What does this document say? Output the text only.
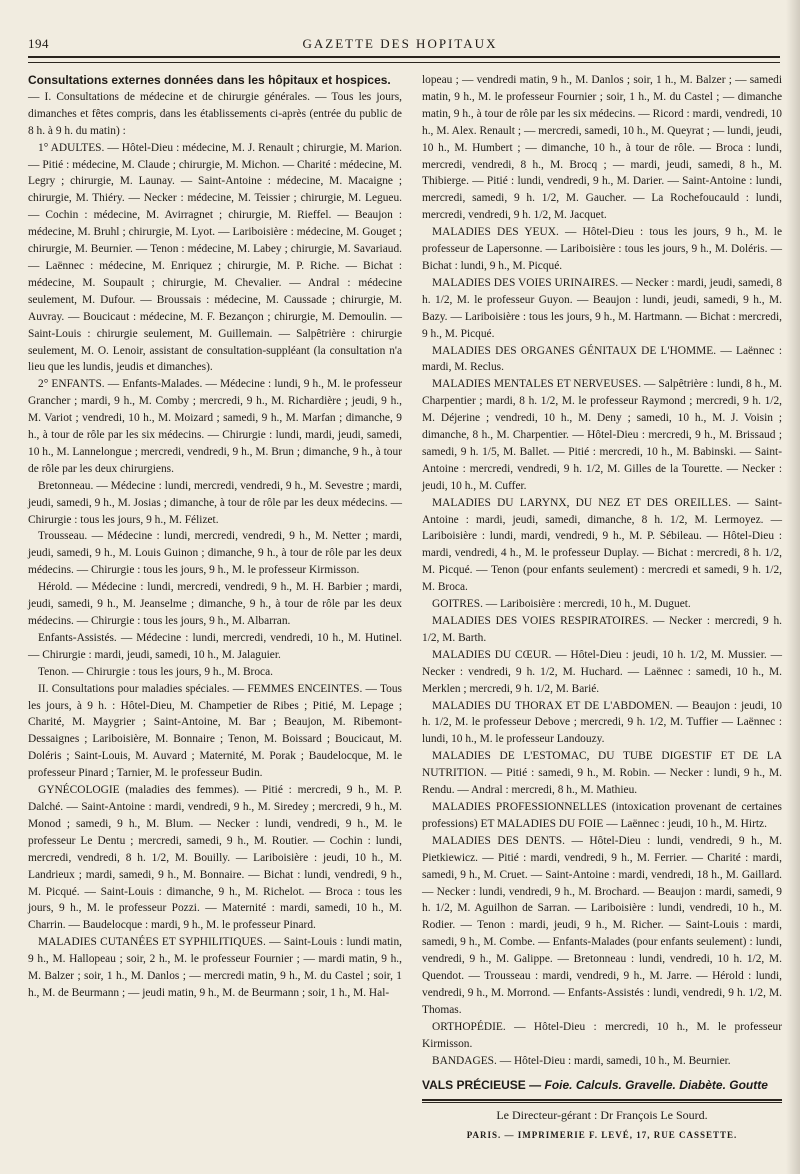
194	GAZETTE DES HOPITAUX

Consultations externes données dans les hôpitaux et hospices.

— I. Consultations de médecine et de chirurgie générales. — Tous les jours, dimanches et fêtes compris, dans les établissements ci-après (entrée du public de 8 h. à 9 h. du matin) :

1° ADULTES. — Hôtel-Dieu : médecine, M. J. Renault ; chirurgie, M. Marion. — Pitié : médecine, M. Claude ; chirurgie, M. Michon. — Charité : médecine, M. Legry ; chirurgie, M. Launay. — Saint-Antoine : médecine, M. Macaigne ; chirurgie, M. Thiéry. — Necker : médecine, M. Teissier ; chirurgie, M. Legueu. — Cochin : médecine, M. Avirragnet ; chirurgie, M. Rieffel. — Beaujon : médecine, M. Bruhl ; chirurgie, M. Lyot. — Lariboisière : médecine, M. Gouget ; chirurgie, M. Beurnier. — Tenon : médecine, M. Labey ; chirurgie, M. Savariaud. — Laënnec : médecine, M. Enriquez ; chirurgie, M. P. Riche. — Bichat : médecine, M. Soupault ; chirurgie, M. Chevalier. — Andral : médecine seulement, M. Dufour. — Broussais : médecine, M. Caussade ; chirurgie, M. Auvray. — Boucicaut : médecine, M. F. Bezançon ; chirurgie, M. Demoulin. — Saint-Louis : chirurgie seulement, M. Guillemain. — Salpêtrière : chirurgie seulement, M. O. Lenoir, assistant de consultation-suppléant (la consultation n'a lieu que les lundis, jeudis et dimanches).

2° ENFANTS. — Enfants-Malades. — Médecine : lundi, 9 h., M. le professeur Grancher ; mardi, 9 h., M. Comby ; mercredi, 9 h., M. Richardière ; jeudi, 9 h., M. Variot ; vendredi, 10 h., M. Moizard ; samedi, 9 h., M. Marfan ; dimanche, 9 h., à tour de rôle par les six médecins. — Chirurgie : lundi, mardi, jeudi, samedi, 10 h., M. Lannelongue ; mercredi, vendredi, 9 h., M. Brun ; dimanche, 9 h., à tour de rôle par les deux chirurgiens.

Bretonneau. — Médecine : lundi, mercredi, vendredi, 9 h., M. Sevestre ; mardi, jeudi, samedi, 9 h., M. Josias ; dimanche, à tour de rôle par les deux médecins. — Chirurgie : tous les jours, 9 h., M. Félizet.

Trousseau. — Médecine : lundi, mercredi, vendredi, 9 h., M. Netter ; mardi, jeudi, samedi, 9 h., M. Louis Guinon ; dimanche, 9 h., à tour de rôle par les deux médecins. — Chirurgie : tous les jours, 9 h., M. le professeur Kirmisson.

Hérold. — Médecine : lundi, mercredi, vendredi, 9 h., M. H. Barbier ; mardi, jeudi, samedi, 9 h., M. Jeanselme ; dimanche, 9 h., à tour de rôle par les deux médecins. — Chirurgie : tous les jours, 9 h., M. Albarran.

Enfants-Assistés. — Médecine : lundi, mercredi, vendredi, 10 h., M. Hutinel. — Chirurgie : mardi, jeudi, samedi, 10 h., M. Jalaguier.

Tenon. — Chirurgie : tous les jours, 9 h., M. Broca.

II. Consultations pour maladies spéciales. — FEMMES ENCEINTES. — Tous les jours, à 9 h. : Hôtel-Dieu, M. Champetier de Ribes ; Pitié, M. Lepage ; Charité, M. Maygrier ; Saint-Antoine, M. Bar ; Beaujon, M. Ribemont-Dessaignes ; Lariboisière, M. Bonnaire ; Tenon, M. Boissard ; Boucicaut, M. Doléris ; Saint-Louis, M. Auvard ; Maternité, M. Porak ; Baudelocque, M. le professeur Pinard ; Tarnier, M. le professeur Budin.

GYNÉCOLOGIE (maladies des femmes). — Pitié : mercredi, 9 h., M. P. Dalché. — Saint-Antoine : mardi, vendredi, 9 h., M. Siredey ; mercredi, 9 h., M. Monod ; samedi, 9 h., M. Blum. — Necker : lundi, vendredi, 9 h., M. le professeur Le Dentu ; mercredi, samedi, 9 h., M. Routier. — Cochin : lundi, mercredi, vendredi, 8 h. 1/2, M. Bouilly. — Lariboisière : jeudi, 10 h., M. Landrieux ; mardi, samedi, 9 h., M. Bonnaire. — Bichat : lundi, vendredi, 9 h., M. Picqué. — Saint-Louis : dimanche, 9 h., M. Richelot. — Broca : tous les jours, 9 h., M. le professeur Pozzi. — Maternité : mardi, samedi, 10 h., M. Charrin. — Baudelocque : mardi, 9 h., M. le professeur Pinard.

MALADIES CUTANÉES ET SYPHILITIQUES. — Saint-Louis : lundi matin, 9 h., M. Hallopeau ; soir, 2 h., M. le professeur Fournier ; — mardi matin, 9 h., M. Balzer ; soir, 1 h., M. Danlos ; — mercredi matin, 9 h., M. du Castel ; soir, 1 h., M. de Beurmann ; — jeudi matin, 9 h., M. de Beurmann ; soir, 1 h., M. Hal-

lopeau ; — vendredi matin, 9 h., M. Danlos ; soir, 1 h., M. Balzer ; — samedi matin, 9 h., M. le professeur Fournier ; soir, 1 h., M. du Castel ; — dimanche matin, 9 h., à tour de rôle par les six médecins. — Ricord : mardi, vendredi, 10 h., M. Alex. Renault ; — mercredi, samedi, 10 h., M. Queyrat ; — lundi, jeudi, 10 h., M. Humbert ; — dimanche, 10 h., à tour de rôle. — Broca : lundi, mercredi, vendredi, 8 h., M. Brocq ; — mardi, jeudi, samedi, 8 h., M. Thibierge. — Pitié : lundi, vendredi, 9 h., M. Darier. — Saint-Antoine : lundi, mercredi, samedi, 9 h. 1/2, M. Gaucher. — La Rochefoucauld : lundi, mercredi, vendredi, 9 h. 1/2, M. Jacquet.

MALADIES DES YEUX. — Hôtel-Dieu : tous les jours, 9 h., M. le professeur de Lapersonne. — Lariboisière : tous les jours, 9 h., M. Doléris. — Bichat : lundi, 9 h., M. Picqué.

MALADIES DES VOIES URINAIRES. — Necker : mardi, jeudi, samedi, 8 h. 1/2, M. le professeur Guyon. — Beaujon : lundi, jeudi, samedi, 9 h., M. Bazy. — Lariboisière : tous les jours, 9 h., M. Hartmann. — Bichat : mercredi, 9 h., M. Picqué.

MALADIES DES ORGANES GÉNITAUX DE L'HOMME. — Laënnec : mardi, M. Reclus.

MALADIES MENTALES ET NERVEUSES. — Salpêtrière : lundi, 8 h., M. Charpentier ; mardi, 8 h. 1/2, M. le professeur Raymond ; mercredi, 9 h. 1/2, M. Déjerine ; vendredi, 10 h., M. Deny ; samedi, 10 h., M. J. Voisin ; dimanche, 8 h., M. Charpentier. — Hôtel-Dieu : mercredi, 9 h., M. Brissaud ; samedi, 9 h. 1/5, M. Ballet. — Pitié : mercredi, 10 h., M. Babinski. — Saint-Antoine : mercredi, vendredi, 9 h. 1/2, M. Gilles de la Tourette. — Necker : jeudi, 10 h., M. Cuffer.

MALADIES DU LARYNX, DU NEZ ET DES OREILLES. — Saint-Antoine : mardi, jeudi, samedi, dimanche, 8 h. 1/2, M. Lermoyez. — Lariboisière : lundi, mardi, vendredi, 9 h., M. P. Sébileau. — Hôtel-Dieu : mardi, vendredi, 4 h., M. le professeur Duplay. — Bichat : mercredi, 8 h. 1/2, M. Picqué. — Tenon (pour enfants seulement) : mercredi et samedi, 9 h. 1/2, M. Broca.

GOITRES. — Lariboisière : mercredi, 10 h., M. Duguet.

MALADIES DES VOIES RESPIRATOIRES. — Necker : mercredi, 9 h. 1/2, M. Barth.

MALADIES DU CŒUR. — Hôtel-Dieu : jeudi, 10 h. 1/2, M. Mussier. — Necker : vendredi, 9 h. 1/2, M. Huchard. — Laënnec : samedi, 10 h., M. Merklen ; mercredi, 9 h. 1/2, M. Barié.

MALADIES DU THORAX ET DE L'ABDOMEN. — Beaujon : jeudi, 10 h. 1/2, M. le professeur Debove ; mercredi, 9 h. 1/2, M. Tuffier — Laënnec : lundi, 10 h., M. le professeur Landouzy.

MALADIES DE L'ESTOMAC, DU TUBE DIGESTIF ET DE LA NUTRITION. — Pitié : samedi, 9 h., M. Robin. — Necker : lundi, 9 h., M. Rendu. — Andral : mercredi, 8 h., M. Mathieu.

MALADIES PROFESSIONNELLES (intoxication provenant de certaines professions) ET MALADIES DU FOIE — Laënnec : jeudi, 10 h., M. Hirtz.

MALADIES DES DENTS. — Hôtel-Dieu : lundi, vendredi, 9 h., M. Pietkiewicz. — Pitié : mardi, vendredi, 9 h., M. Ferrier. — Charité : mardi, samedi, 9 h., M. Cruet. — Saint-Antoine : mardi, vendredi, 18 h., M. Gaillard. — Necker : lundi, vendredi, 9 h., M. Brochard. — Beaujon : mardi, samedi, 9 h. 1/2, M. Aguilhon de Sarran. — Lariboisière : lundi, vendredi, 10 h., M. Rodier. — Tenon : mardi, jeudi, 9 h., M. Richer. — Saint-Louis : mardi, samedi, 9 h., M. Combe. — Enfants-Malades (pour enfants seulement) : lundi, vendredi, 9 h., M. Galippe. — Bretonneau : lundi, vendredi, 10 h. 1/2, M. Quendot. — Trousseau : mardi, vendredi, 9 h., M. Jarre. — Hérold : lundi, vendredi, 9 h., M. Morrond. — Enfants-Assistés : lundi, vendredi, 9 h. 1/2, M. Thomas.

ORTHOPÉDIE. — Hôtel-Dieu : mercredi, 10 h., M. le professeur Kirmisson.

BANDAGES. — Hôtel-Dieu : mardi, samedi, 10 h., M. Beurnier.

VALS PRÉCIEUSE — Foie. Calculs. Gravelle. Diabète. Goutte
Le Directeur-gérant : Dr François Le Sourd.
PARIS. — IMPRIMERIE F. LEVÉ, 17, RUE CASSETTE.
